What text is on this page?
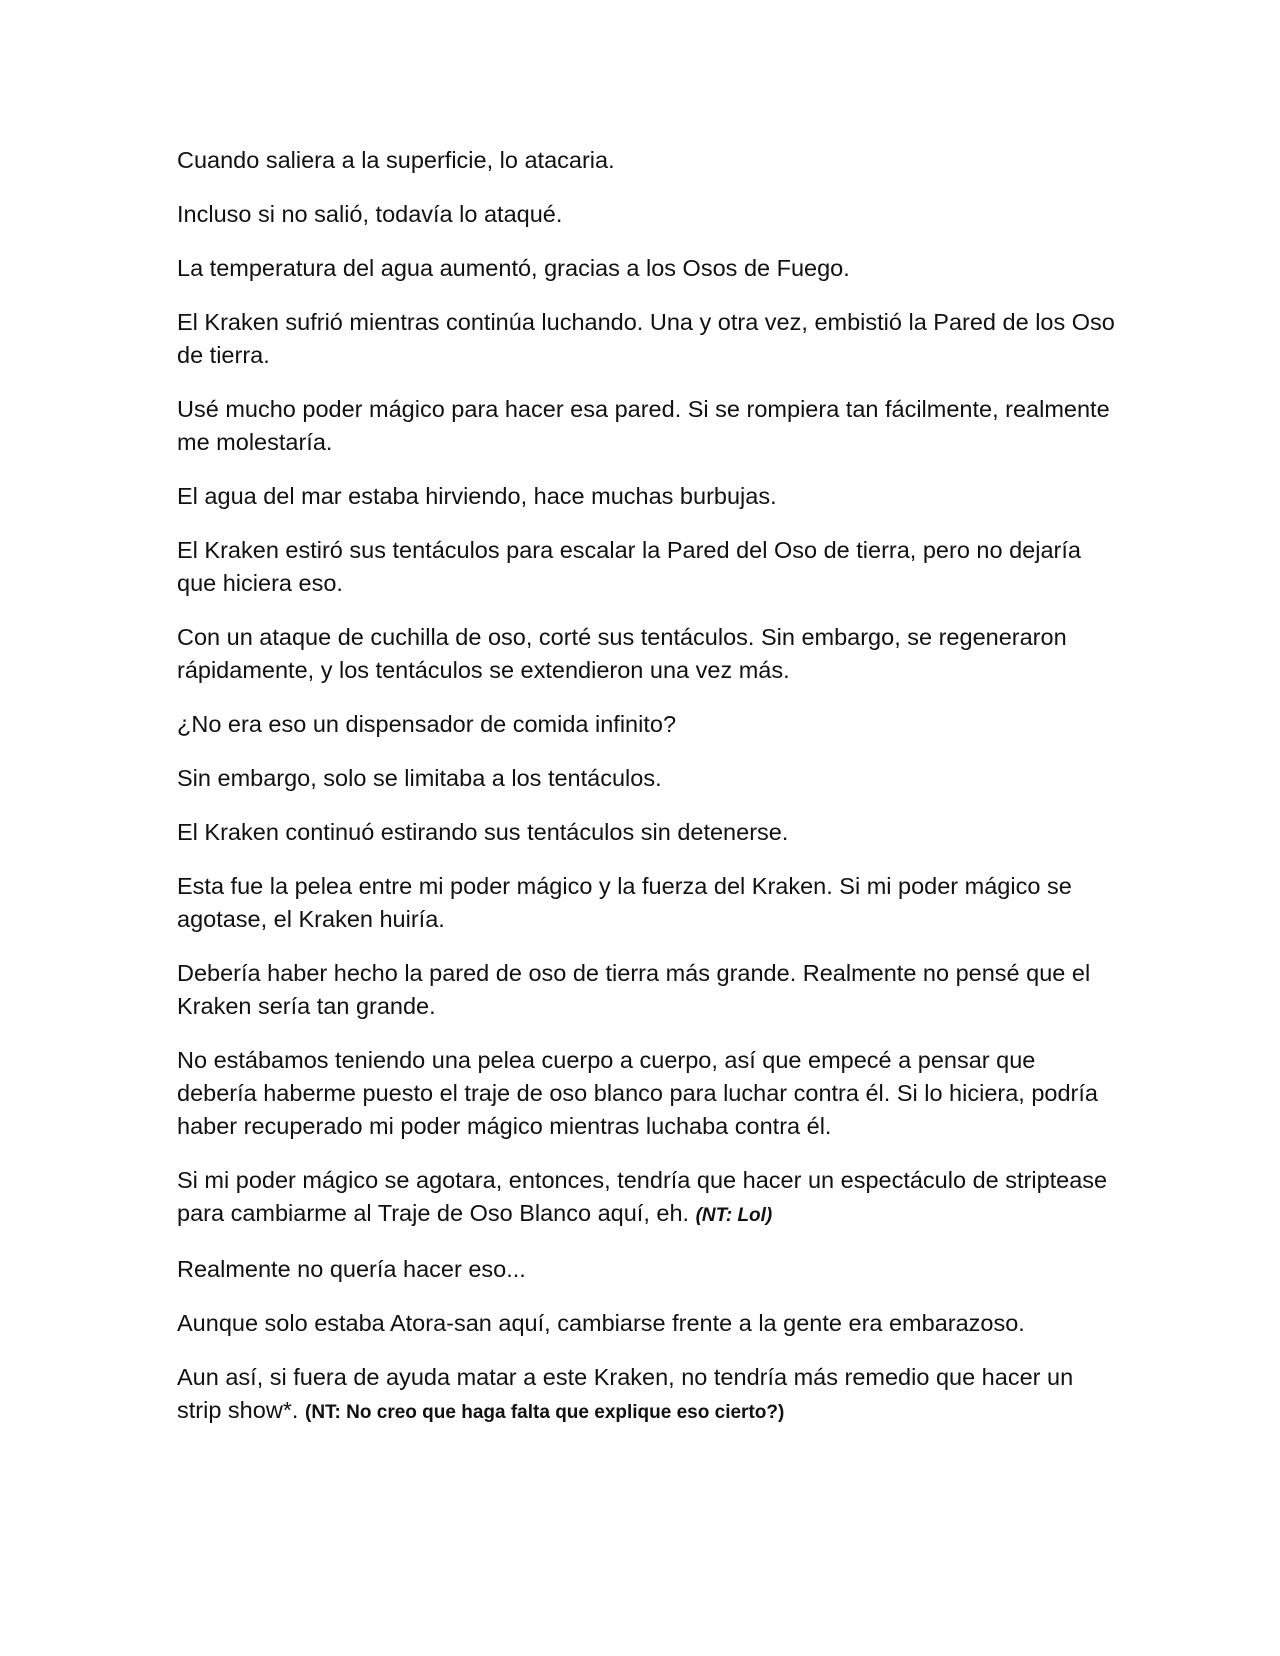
Cuando saliera a la superficie, lo atacaria.

Incluso si no salió, todavía lo ataqué.

La temperatura del agua aumentó, gracias a los Osos de Fuego.

El Kraken sufrió mientras continúa luchando. Una y otra vez, embistió la Pared de los Oso de tierra.

Usé mucho poder mágico para hacer esa pared. Si se rompiera tan fácilmente, realmente me molestaría.

El agua del mar estaba hirviendo, hace muchas burbujas.

El Kraken estiró sus tentáculos para escalar la Pared del Oso de tierra, pero no dejaría que hiciera eso.

Con un ataque de cuchilla de oso, corté sus tentáculos. Sin embargo, se regeneraron rápidamente, y los tentáculos se extendieron una vez más.

¿No era eso un dispensador de comida infinito?

Sin embargo, solo se limitaba a los tentáculos.

El Kraken continuó estirando sus tentáculos sin detenerse.

Esta fue la pelea entre mi poder mágico y la fuerza del Kraken. Si mi poder mágico se agotase, el Kraken huiría.

Debería haber hecho la pared de oso de tierra más grande. Realmente no pensé que el Kraken sería tan grande.

No estábamos teniendo una pelea cuerpo a cuerpo, así que empecé a pensar que debería haberme puesto el traje de oso blanco para luchar contra él. Si lo hiciera, podría haber recuperado mi poder mágico mientras luchaba contra él.

Si mi poder mágico se agotara, entonces, tendría que hacer un espectáculo de striptease para cambiarme al Traje de Oso Blanco aquí, eh. (NT: Lol)

Realmente no quería hacer eso...

Aunque solo estaba Atora-san aquí, cambiarse frente a la gente era embarazoso.

Aun así, si fuera de ayuda matar a este Kraken, no tendría más remedio que hacer un strip show*. (NT: No creo que haga falta que explique eso cierto?)
